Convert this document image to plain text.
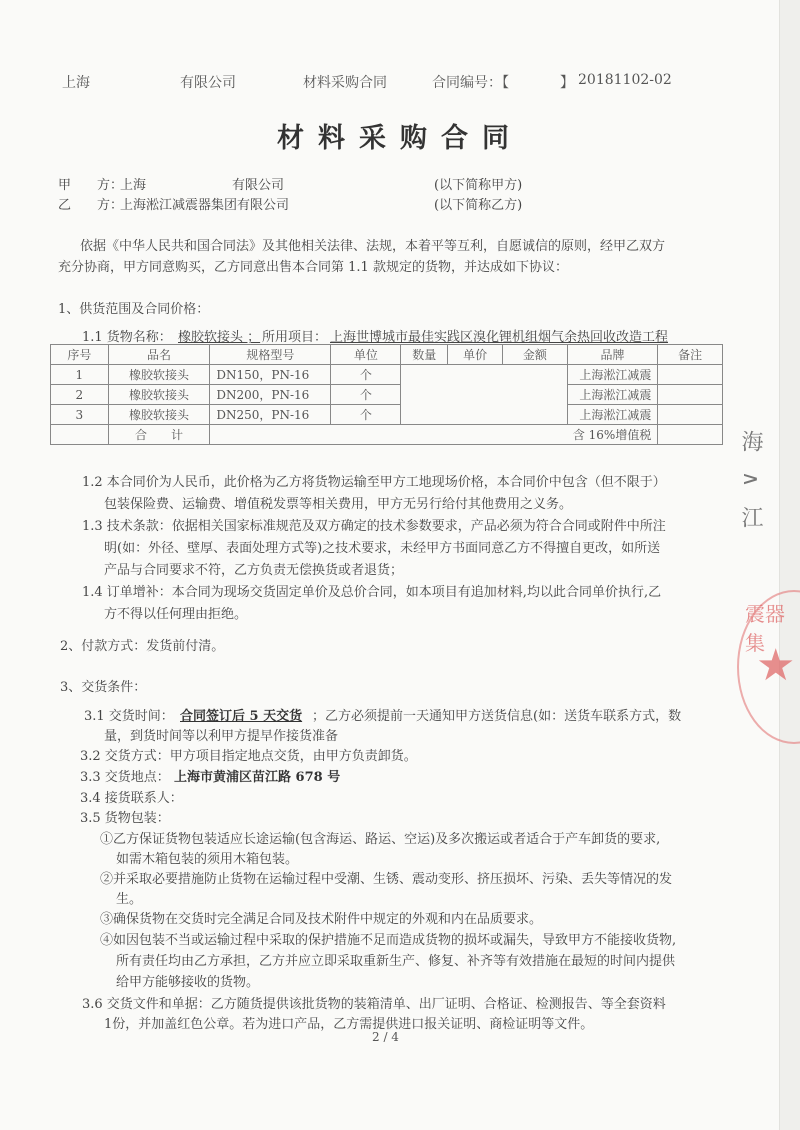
上海	有限公司	材料采购合同	合同编号：【	】 20181102-02
材料采购合同
甲　　方：
上海	有限公司	(以下简称甲方)
乙　　方：
上海淞江减震器集团有限公司	(以下简称乙方)
依据《中华人民共和国合同法》及其他相关法律、法规，本着平等互利，自愿诚信的原则，经甲乙双方
充分协商，甲方同意购买，乙方同意出售本合同第 1.1 款规定的货物，并达成如下协议：
1、供货范围及合同价格：
1.1 货物名称： 橡胶软接头 ； 所用项目： 上海世博城市最佳实践区溴化锂机组烟气余热回收改造工程
序号	品名	规格型号	单位	数量	单价	金额	品牌	备注
1	橡胶软接头	DN150，PN-16	个				上海淞江减震	
2	橡胶软接头	DN200，PN-16	个				上海淞江减震	
3	橡胶软接头	DN250，PN-16	个				上海淞江减震	
	合　　计	含 16%增值税						
1.2 本合同价为人民币，此价格为乙方将货物运输至甲方工地现场价格，本合同价中包含（但不限于）
包装保险费、运输费、增值税发票等相关费用，甲方无另行给付其他费用之义务。
1.3 技术条款：依据相关国家标准规范及双方确定的技术参数要求，产品必须为符合合同或附件中所注
明(如：外径、壁厚、表面处理方式等)之技术要求，未经甲方书面同意乙方不得擅自更改，如所送
产品与合同要求不符，乙方负责无偿换货或者退货；
1.4 订单增补：本合同为现场交货固定单价及总价合同，如本项目有追加材料,均以此合同单价执行,乙
方不得以任何理由拒绝。
2、付款方式：发货前付清。
3、交货条件：
3.1 交货时间： 合同签订后 5 天交货 ；乙方必须提前一天通知甲方送货信息(如：送货车联系方式，数
量，到货时间等以利甲方提早作接货准备
3.2 交货方式：甲方项目指定地点交货，由甲方负责卸货。
3.3 交货地点： 上海市黄浦区苗江路 678 号
3.4 接货联系人：
3.5 货物包装：
①乙方保证货物包装适应长途运输(包含海运、路运、空运)及多次搬运或者适合于产车卸货的要求,
如需木箱包装的须用木箱包装。
②并采取必要措施防止货物在运输过程中受潮、生锈、震动变形、挤压损坏、污染、丢失等情况的发
生。
③确保货物在交货时完全满足合同及技术附件中规定的外观和内在品质要求。
④如因包装不当或运输过程中采取的保护措施不足而造成货物的损坏或漏失，导致甲方不能接收货物,
所有责任均由乙方承担，乙方并应立即采取重新生产、修复、补齐等有效措施在最短的时间内提供
给甲方能够接收的货物。
3.6 交货文件和单据：乙方随货提供该批货物的装箱清单、出厂证明、合格证、检测报告、等全套资料
1份，并加盖红色公章。若为进口产品，乙方需提供进口报关证明、商检证明等文件。
2 / 4
震器集
★
海 ∧ 江
